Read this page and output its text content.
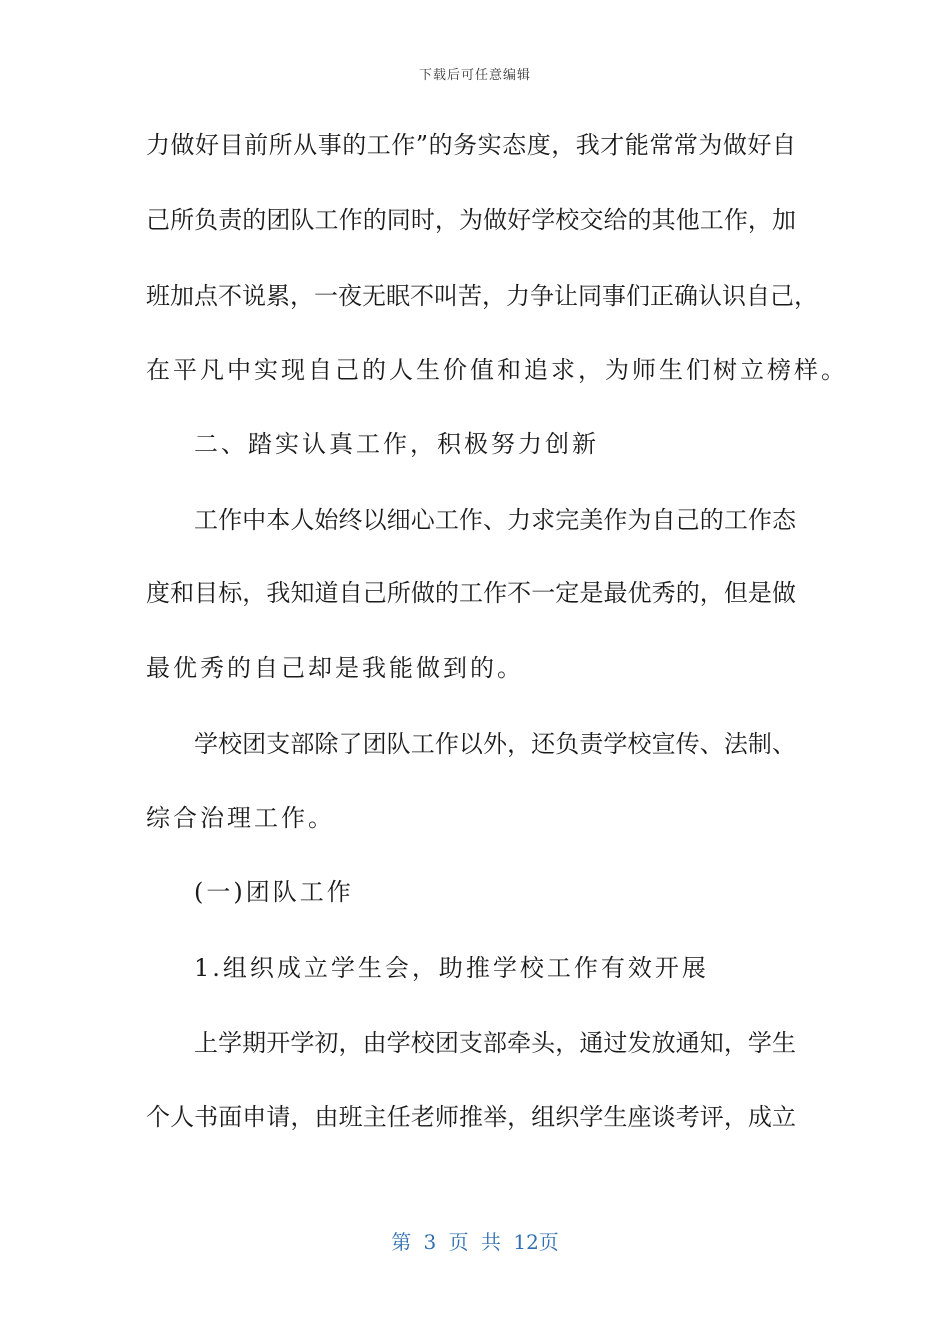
下载后可任意编辑
力做好目前所从事的工作”的务实态度，我才能常常为做好自
己所负责的团队工作的同时，为做好学校交给的其他工作，加
班加点不说累，一夜无眠不叫苦，力争让同事们正确认识自己，
在平凡中实现自己的人生价值和追求，为师生们树立榜样。
二、踏实认真工作，积极努力创新
工作中本人始终以细心工作、力求完美作为自己的工作态
度和目标，我知道自己所做的工作不一定是最优秀的，但是做
最优秀的自己却是我能做到的。
学校团支部除了团队工作以外，还负责学校宣传、法制、
综合治理工作。
(一)团队工作
1.组织成立学生会，助推学校工作有效开展
上学期开学初，由学校团支部牵头，通过发放通知，学生
个人书面申请，由班主任老师推举，组织学生座谈考评，成立
第 3 页 共 12页
